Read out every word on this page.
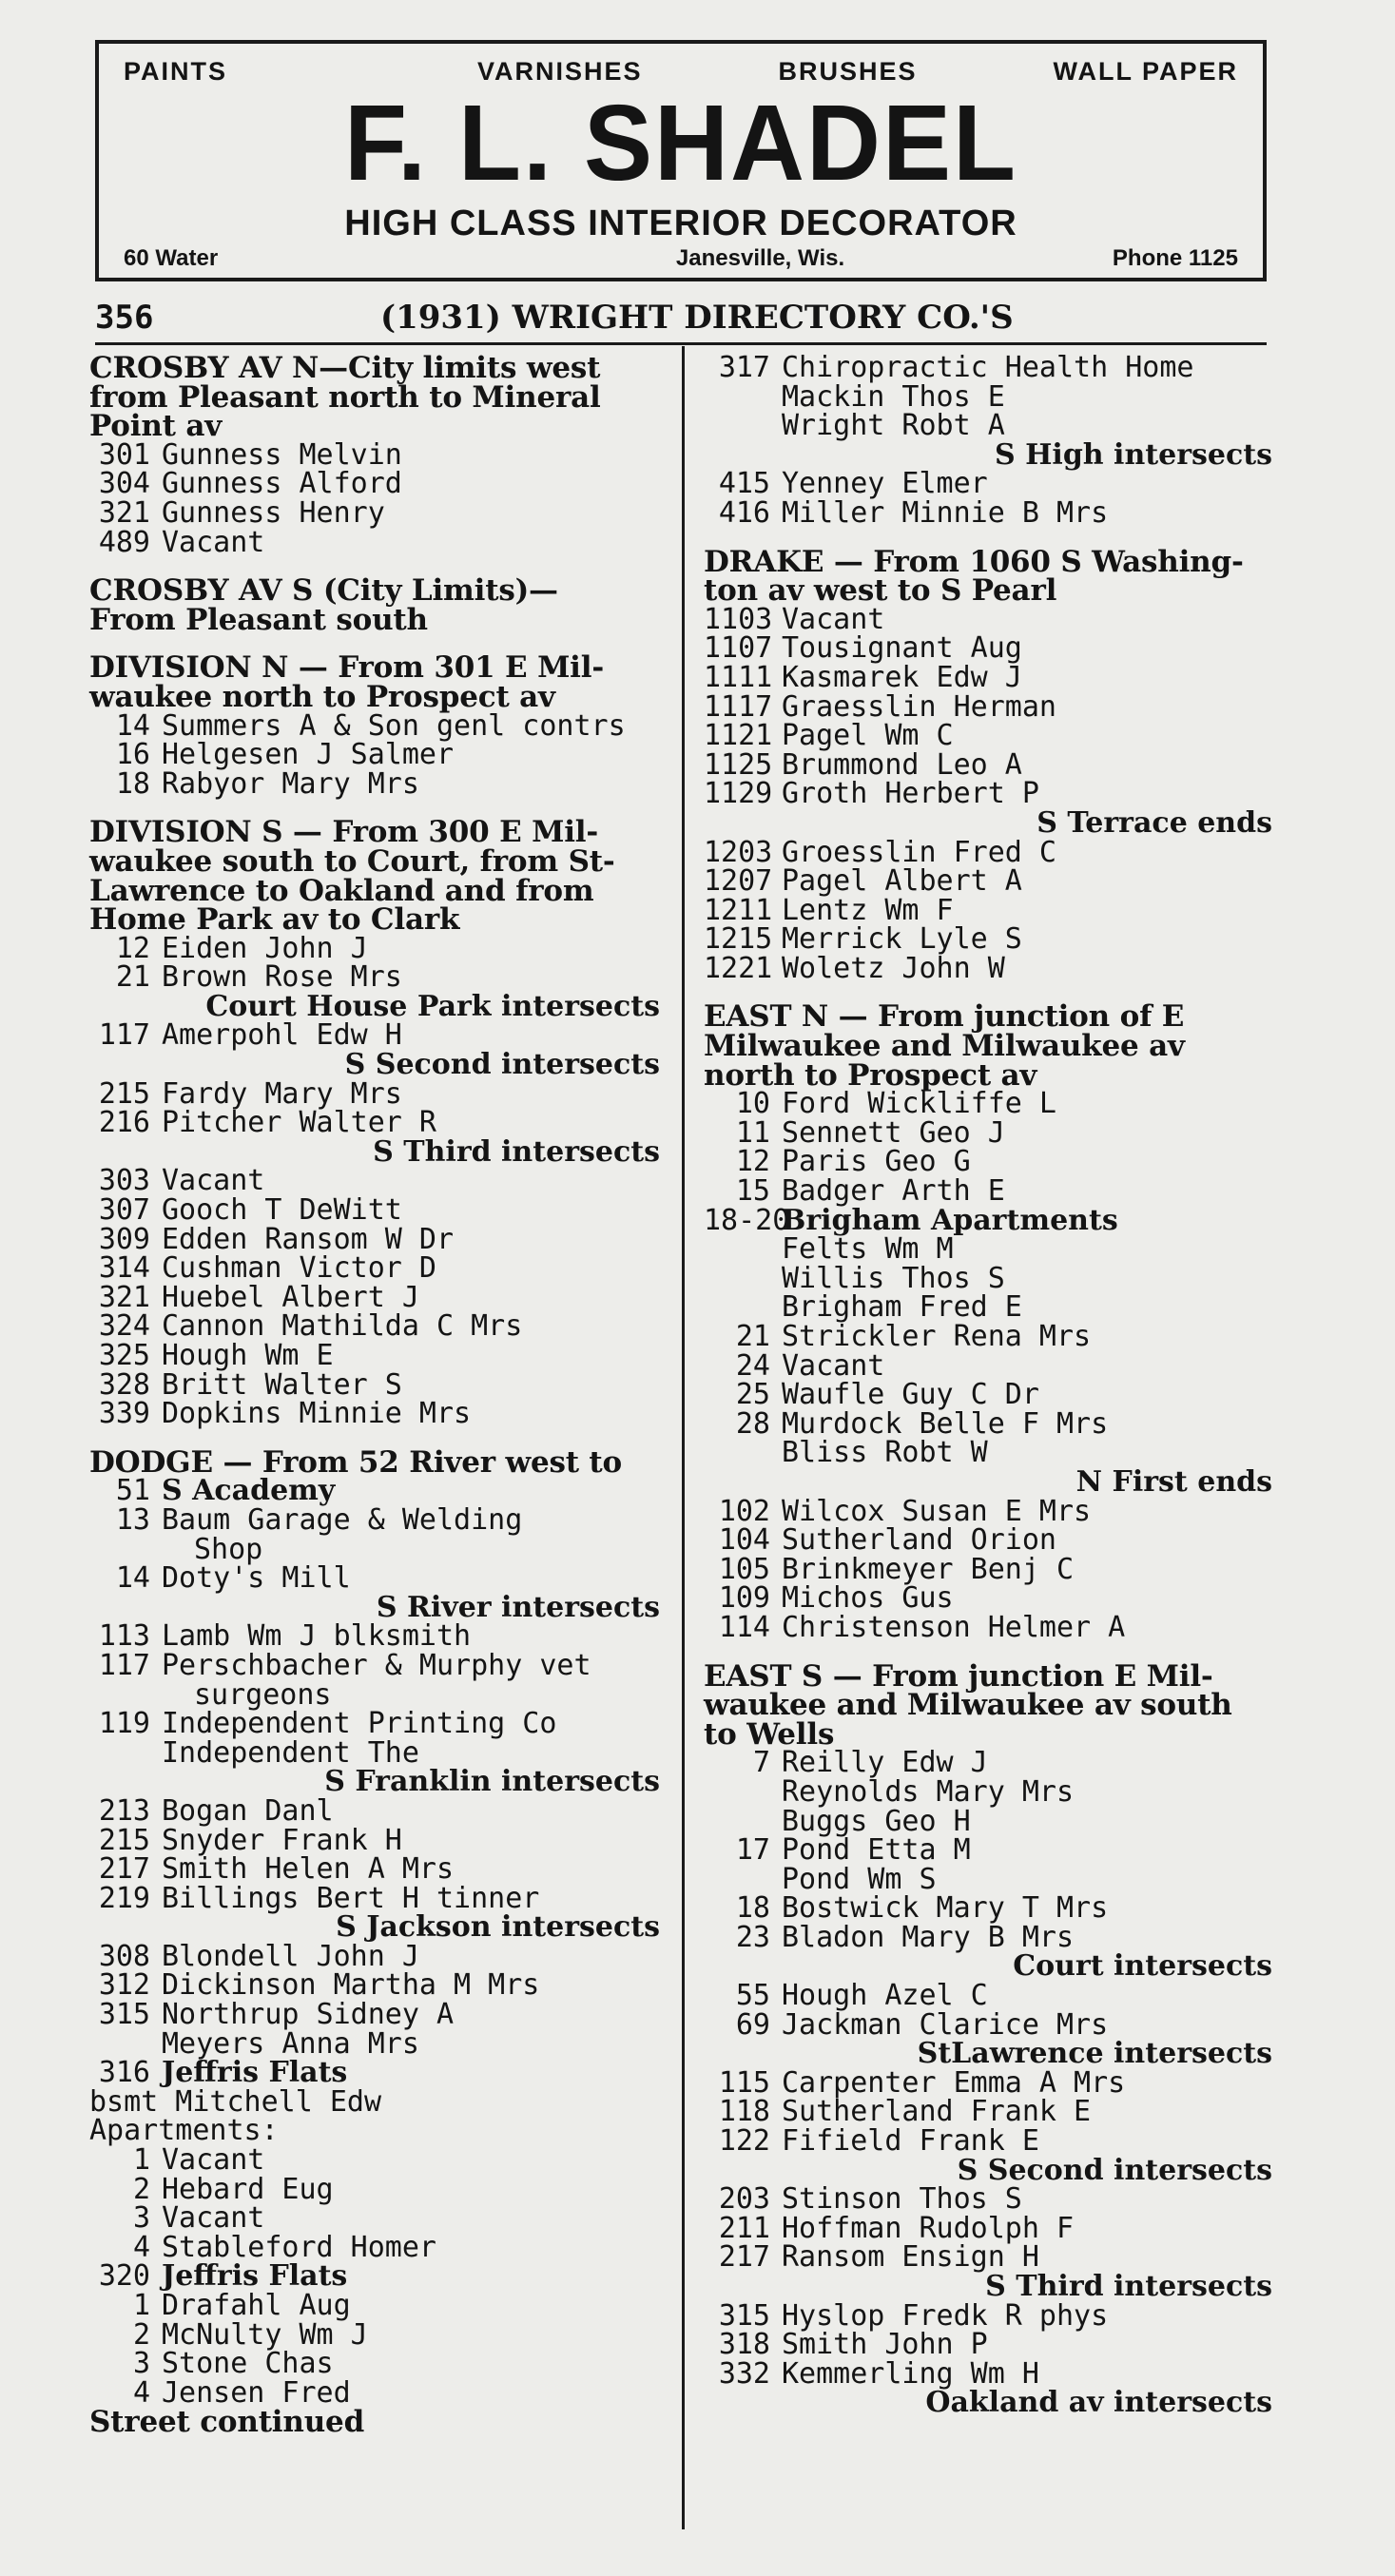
PAINTS	VARNISHES	BRUSHES	WALL PAPER
F. L. SHADEL
HIGH CLASS INTERIOR DECORATOR
60 Water	Janesville, Wis.	Phone 1125
356	(1931) WRIGHT DIRECTORY CO.'S
CROSBY AV N—City limits west
from Pleasant north to Mineral
Point av
301 Gunness Melvin
304 Gunness Alford
321 Gunness Henry
489 Vacant
CROSBY AV S (City Limits)—
From Pleasant south
DIVISION N — From 301 E Mil-
waukee north to Prospect av
14 Summers A & Son genl contrs
16 Helgesen J Salmer
18 Rabyor Mary Mrs
DIVISION S — From 300 E Mil-
waukee south to Court, from St-
Lawrence to Oakland and from
Home Park av to Clark
12 Eiden John J
21 Brown Rose Mrs
Court House Park intersects
117 Amerpohl Edw H
S Second intersects
215 Fardy Mary Mrs
216 Pitcher Walter R
S Third intersects
303 Vacant
307 Gooch T DeWitt
309 Edden Ransom W Dr
314 Cushman Victor D
321 Huebel Albert J
324 Cannon Mathilda C Mrs
325 Hough Wm E
328 Britt Walter S
339 Dopkins Minnie Mrs
DODGE — From 52 River west to
51 S Academy
13 Baum Garage & Welding
Shop
14 Doty's Mill
S River intersects
113 Lamb Wm J blksmith
117 Perschbacher & Murphy vet
surgeons
119 Independent Printing Co
Independent The
S Franklin intersects
213 Bogan Danl
215 Snyder Frank H
217 Smith Helen A Mrs
219 Billings Bert H tinner
S Jackson intersects
308 Blondell John J
312 Dickinson Martha M Mrs
315 Northrup Sidney A
Meyers Anna Mrs
316 Jeffris Flats
bsmt Mitchell Edw
Apartments:
1 Vacant
2 Hebard Eug
3 Vacant
4 Stableford Homer
320 Jeffris Flats
1 Drafahl Aug
2 McNulty Wm J
3 Stone Chas
4 Jensen Fred
Street continued
317 Chiropractic Health Home
Mackin Thos E
Wright Robt A
S High intersects
415 Yenney Elmer
416 Miller Minnie B Mrs
DRAKE — From 1060 S Washing-
ton av west to S Pearl
1103 Vacant
1107 Tousignant Aug
1111 Kasmarek Edw J
1117 Graesslin Herman
1121 Pagel Wm C
1125 Brummond Leo A
1129 Groth Herbert P
S Terrace ends
1203 Groesslin Fred C
1207 Pagel Albert A
1211 Lentz Wm F
1215 Merrick Lyle S
1221 Woletz John W
EAST N — From junction of E
Milwaukee and Milwaukee av
north to Prospect av
10 Ford Wickliffe L
11 Sennett Geo J
12 Paris Geo G
15 Badger Arth E
18-20Brigham Apartments
Felts Wm M
Willis Thos S
Brigham Fred E
21 Strickler Rena Mrs
24 Vacant
25 Waufle Guy C Dr
28 Murdock Belle F Mrs
Bliss Robt W
N First ends
102 Wilcox Susan E Mrs
104 Sutherland Orion
105 Brinkmeyer Benj C
109 Michos Gus
114 Christenson Helmer A
EAST S — From junction E Mil-
waukee and Milwaukee av south
to Wells
7 Reilly Edw J
Reynolds Mary Mrs
Buggs Geo H
17 Pond Etta M
Pond Wm S
18 Bostwick Mary T Mrs
23 Bladon Mary B Mrs
Court intersects
55 Hough Azel C
69 Jackman Clarice Mrs
StLawrence intersects
115 Carpenter Emma A Mrs
118 Sutherland Frank E
122 Fifield Frank E
S Second intersects
203 Stinson Thos S
211 Hoffman Rudolph F
217 Ransom Ensign H
S Third intersects
315 Hyslop Fredk R phys
318 Smith John P
332 Kemmerling Wm H
Oakland av intersects
